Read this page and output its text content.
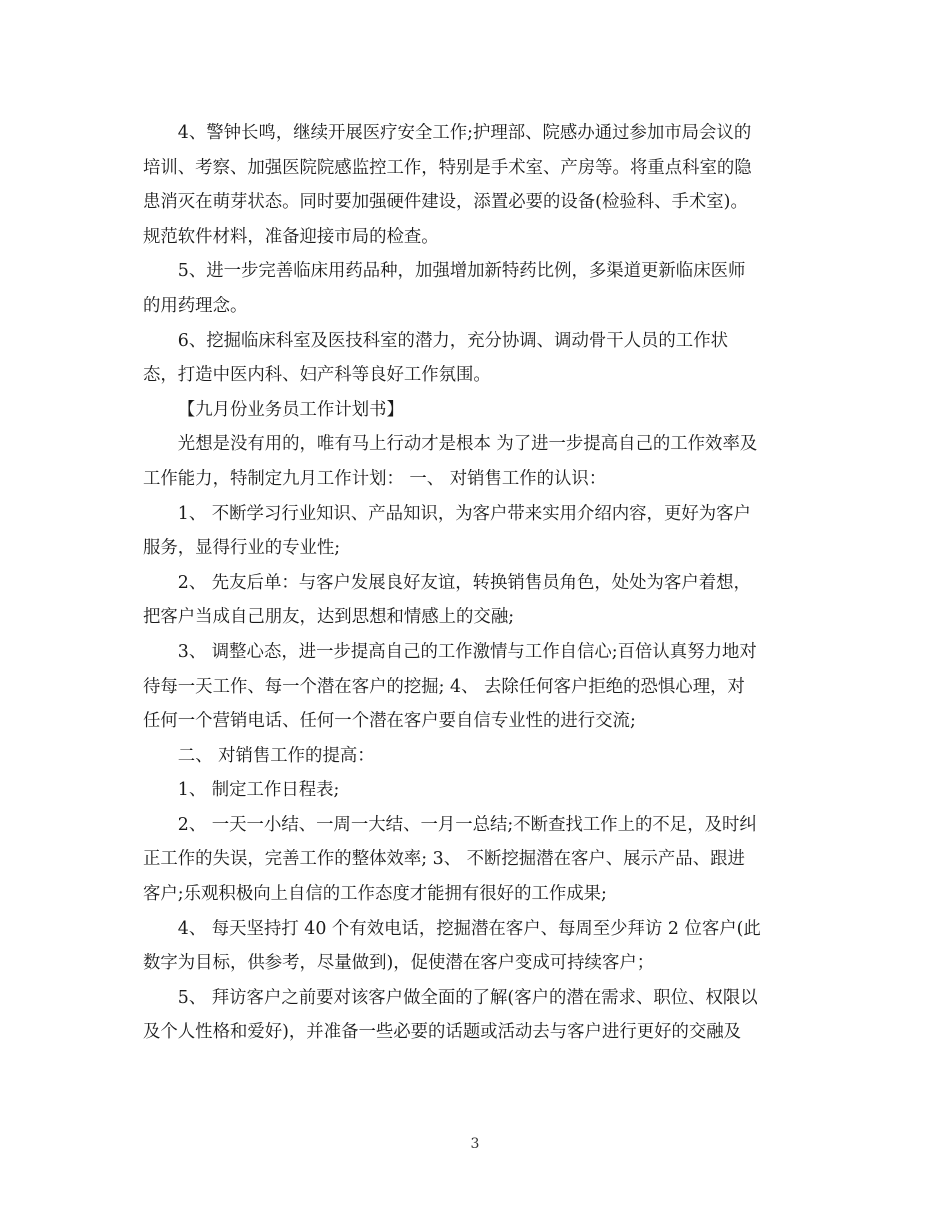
4、警钟长鸣，继续开展医疗安全工作;护理部、院感办通过参加市局会议的
培训、考察、加强医院院感监控工作，特别是手术室、产房等。将重点科室的隐
患消灭在萌芽状态。同时要加强硬件建设，添置必要的设备(检验科、手术室)。
规范软件材料，准备迎接市局的检查。

5、进一步完善临床用药品种，加强增加新特药比例，多渠道更新临床医师
的用药理念。

6、挖掘临床科室及医技科室的潜力，充分协调、调动骨干人员的工作状
态，打造中医内科、妇产科等良好工作氛围。

【九月份业务员工作计划书】

光想是没有用的，唯有马上行动才是根本 为了进一步提高自己的工作效率及
工作能力，特制定九月工作计划： 一、 对销售工作的认识：

1、 不断学习行业知识、产品知识，为客户带来实用介绍内容，更好为客户
服务，显得行业的专业性;

2、 先友后单：与客户发展良好友谊，转换销售员角色，处处为客户着想，
把客户当成自己朋友，达到思想和情感上的交融;

3、 调整心态，进一步提高自己的工作激情与工作自信心;百倍认真努力地对
待每一天工作、每一个潜在客户的挖掘; 4、 去除任何客户拒绝的恐惧心理，对
任何一个营销电话、任何一个潜在客户要自信专业性的进行交流;

二、 对销售工作的提高：

1、 制定工作日程表;

2、 一天一小结、一周一大结、一月一总结;不断查找工作上的不足，及时纠
正工作的失误，完善工作的整体效率; 3、 不断挖掘潜在客户、展示产品、跟进
客户;乐观积极向上自信的工作态度才能拥有很好的工作成果;

4、 每天坚持打 40 个有效电话，挖掘潜在客户、每周至少拜访 2 位客户(此
数字为目标，供参考，尽量做到)，促使潜在客户变成可持续客户；

5、 拜访客户之前要对该客户做全面的了解(客户的潜在需求、职位、权限以
及个人性格和爱好)，并准备一些必要的话题或活动去与客户进行更好的交融及

3
